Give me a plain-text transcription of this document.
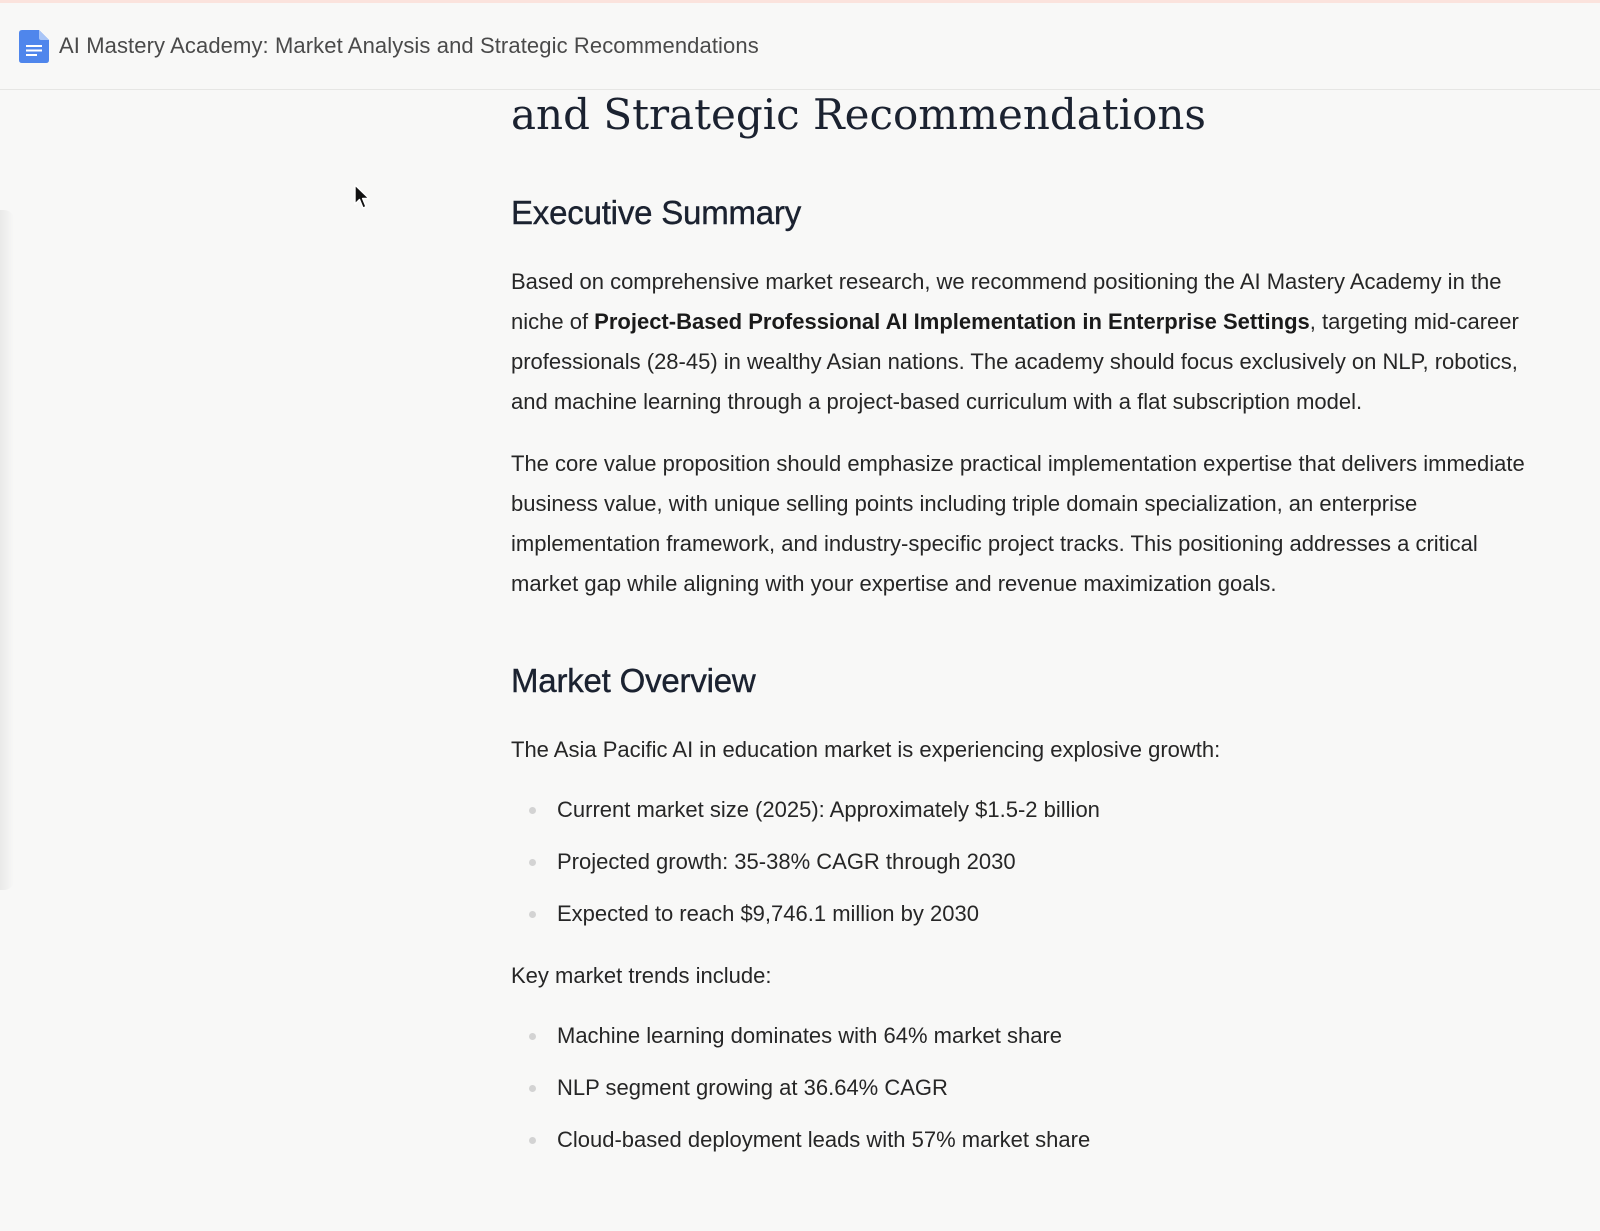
AI Mastery Academy: Market Analysis and Strategic Recommendations
and Strategic Recommendations
Executive Summary

Based on comprehensive market research, we recommend positioning the AI Mastery Academy in the niche of Project-Based Professional AI Implementation in Enterprise Settings, targeting mid-career professionals (28-45) in wealthy Asian nations. The academy should focus exclusively on NLP, robotics, and machine learning through a project-based curriculum with a flat subscription model.

The core value proposition should emphasize practical implementation expertise that delivers immediate business value, with unique selling points including triple domain specialization, an enterprise implementation framework, and industry-specific project tracks. This positioning addresses a critical market gap while aligning with your expertise and revenue maximization goals.

Market Overview

The Asia Pacific AI in education market is experiencing explosive growth:

Current market size (2025): Approximately $1.5-2 billion
Projected growth: 35-38% CAGR through 2030
Expected to reach $9,746.1 million by 2030

Key market trends include:

Machine learning dominates with 64% market share
NLP segment growing at 36.64% CAGR
Cloud-based deployment leads with 57% market share
